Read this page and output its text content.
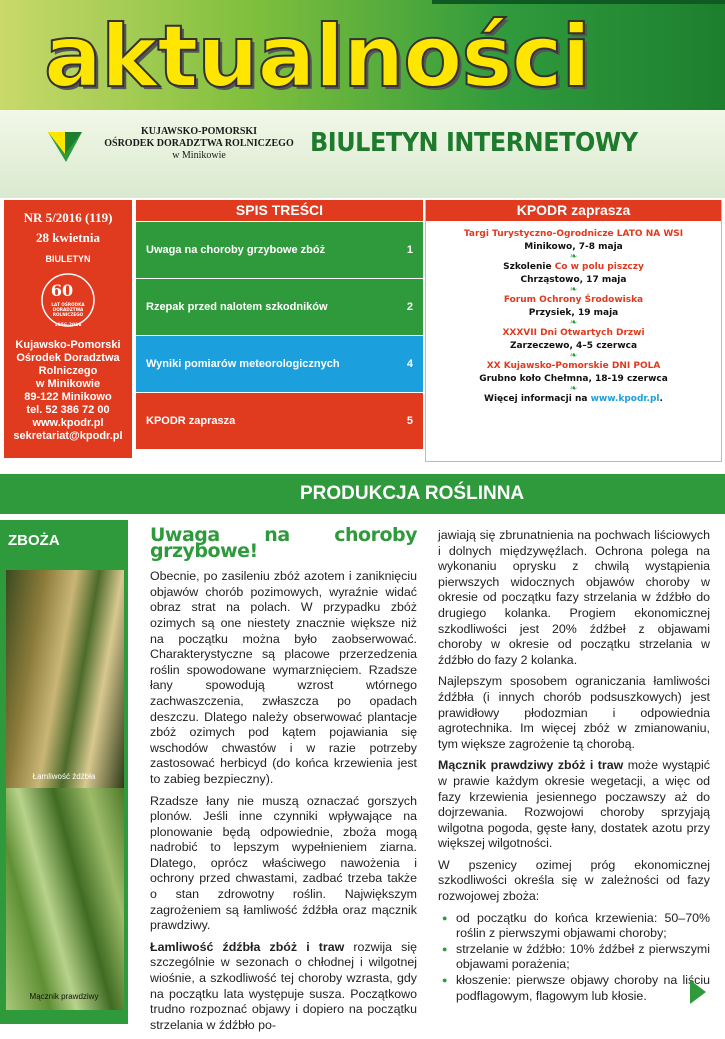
aktualności
KUJAWSKO-POMORSKI
OŚRODEK DORADZTWA ROLNICZEGO
w Minikowie	BIULETYN INTERNETOWY
NR 5/2016 (119)
28 kwietnia
BIULETYN
60
LAT OŚRODKA
DORADZTWA
ROLNICZEGO
1956-2016
Kujawsko-Pomorski
Ośrodek Doradztwa
Rolniczego
w Minikowie
89-122 Minikowo
tel. 52 386 72 00
www.kpodr.pl
sekretariat@kpodr.pl
SPIS TREŚCI
Uwaga na choroby grzybowe zbóż	1
Rzepak przed nalotem szkodników	2
Wyniki pomiarów meteorologicznych	4
KPODR zaprasza	5
KPODR zaprasza
Targi Turystyczno-Ogrodnicze LATO NA WSI
Minikowo, 7-8 maja
❧
Szkolenie Co w polu piszczy
Chrząstowo, 17 maja
❧
Forum Ochrony Środowiska
Przysiek, 19 maja
❧
XXXVII Dni Otwartych Drzwi
Zarzeczewo, 4–5 czerwca
❧
XX Kujawsko-Pomorskie DNI POLA
Grubno koło Chełmna, 18-19 czerwca
❧
Więcej informacji na www.kpodr.pl.
PRODUKCJA ROŚLINNA
ZBOŻA
Łamliwość źdźbła
Mącznik prawdziwy
Uwaga na choroby grzybowe!

Obecnie, po zasileniu zbóż azotem i zaniknięciu objawów chorób pozimowych, wyraźnie widać obraz strat na polach. W przypadku zbóż ozimych są one niestety znacznie większe niż na początku można było zaobserwować. Charakterystyczne są placowe przerzedzenia roślin spowodowane wymarznięciem. Rzadsze łany spowodują wzrost wtórnego zachwaszczenia, zwłaszcza po opadach deszczu. Dlatego należy obserwować plantacje zbóż ozimych pod kątem pojawiania się wschodów chwastów i w razie potrzeby zastosować herbicyd (do końca krzewienia jest to zabieg bezpieczny).

Rzadsze łany nie muszą oznaczać gorszych plonów. Jeśli inne czynniki wpływające na plonowanie będą odpowiednie, zboża mogą nadrobić to lepszym wypełnieniem ziarna. Dlatego, oprócz właściwego nawożenia i ochrony przed chwastami, zadbać trzeba także o stan zdrowotny roślin. Największym zagrożeniem są łamliwość źdźbła oraz mącznik prawdziwy.

Łamliwość źdźbła zbóż i traw rozwija się szczególnie w sezonach o chłodnej i wilgotnej wiośnie, a szkodliwość tej choroby wzrasta, gdy na początku lata występuje susza. Początkowo trudno rozpoznać objawy i dopiero na początku strzelania w źdźbło po-

jawiają się zbrunatnienia na pochwach liściowych i dolnych międzywęźlach. Ochrona polega na wykonaniu oprysku z chwilą wystąpienia pierwszych widocznych objawów choroby w okresie od początku fazy strzelania w źdźbło do drugiego kolanka. Progiem ekonomicznej szkodliwości jest 20% źdźbeł z objawami choroby w okresie od początku strzelania w źdźbło do fazy 2 kolanka.

Najlepszym sposobem ograniczania łamliwości źdźbła (i innych chorób podsuszkowych) jest prawidłowy płodozmian i odpowiednia agrotechnika. Im więcej zbóż w zmianowaniu, tym większe zagrożenie tą chorobą.

Mącznik prawdziwy zbóż i traw może wystąpić w prawie każdym okresie wegetacji, a więc od fazy krzewienia jesiennego poczawszy aż do dojrzewania. Rozwojowi choroby sprzyjają wilgotna pogoda, gęste łany, dostatek azotu przy większej wilgotności.

W pszenicy ozimej próg ekonomicznej szkodliwości określa się w zależności od fazy rozwojowej zboża:

● od początku do końca krzewienia: 50–70% roślin z pierwszymi objawami choroby;
● strzelanie w źdźbło: 10% źdźbeł z pierwszymi objawami porażenia;
● kłoszenie: pierwsze objawy choroby na liściu podflagowym, flagowym lub kłosie.
